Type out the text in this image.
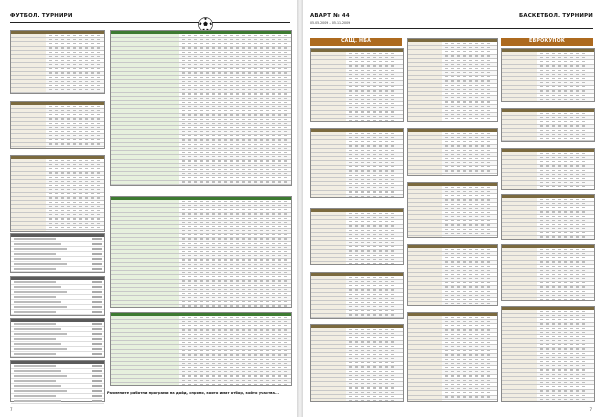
ФУТБОЛ. ТУРНИРИ
Размените работни програми на дойд, спряно, които имат отбор, който участва...
7
АВАРТ № 44
05.05.2009 – 05.11.2009
БАСКЕТБОЛ. ТУРНИРИ
САЩ. НБА	ЕВРОКУПОК
7
